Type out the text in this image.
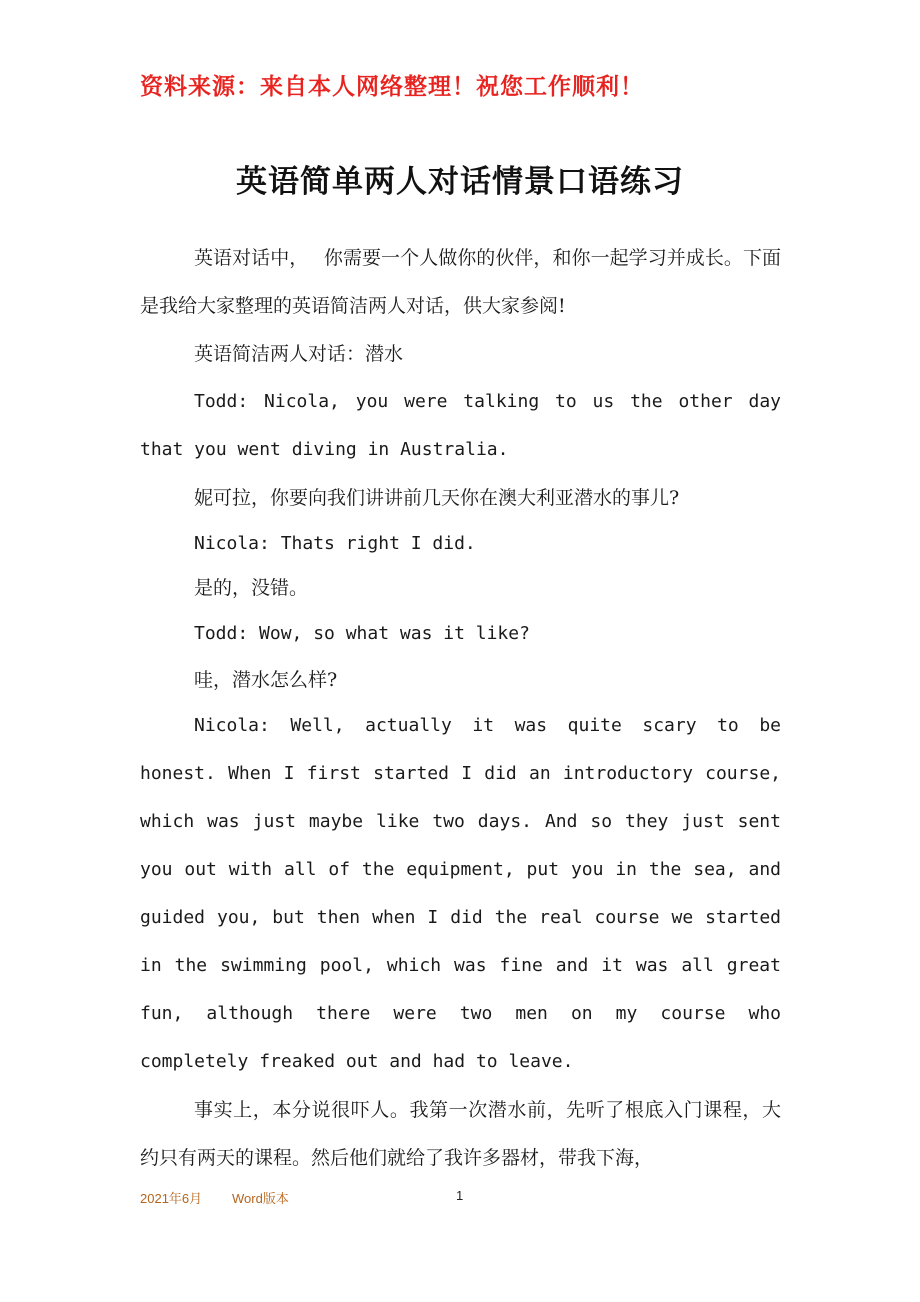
资料来源：来自本人网络整理！祝您工作顺利！
英语简单两人对话情景口语练习

英语对话中，　 你需要一个人做你的伙伴，和你一起学习并成长。下面是我给大家整理的英语简洁两人对话，供大家参阅!

英语简洁两人对话：潜水

Todd: Nicola, you were talking to us the other day that you went diving in Australia.

妮可拉，你要向我们讲讲前几天你在澳大利亚潜水的事儿?

Nicola: Thats right I did.

是的，没错。

Todd: Wow, so what was it like?

哇，潜水怎么样?

Nicola: Well, actually it was quite scary to be honest. When I first started I did an introductory course, which was just maybe like two days. And so they just sent you out with all of the equipment, put you in the sea, and guided you, but then when I did the real course we started in the swimming pool, which was fine and it was all great fun, although there were two men on my course who completely freaked out and had to leave.

事实上，本分说很吓人。我第一次潜水前，先听了根底入门课程，大约只有两天的课程。然后他们就给了我许多器材，带我下海，

2021年6月 Word版本	1
